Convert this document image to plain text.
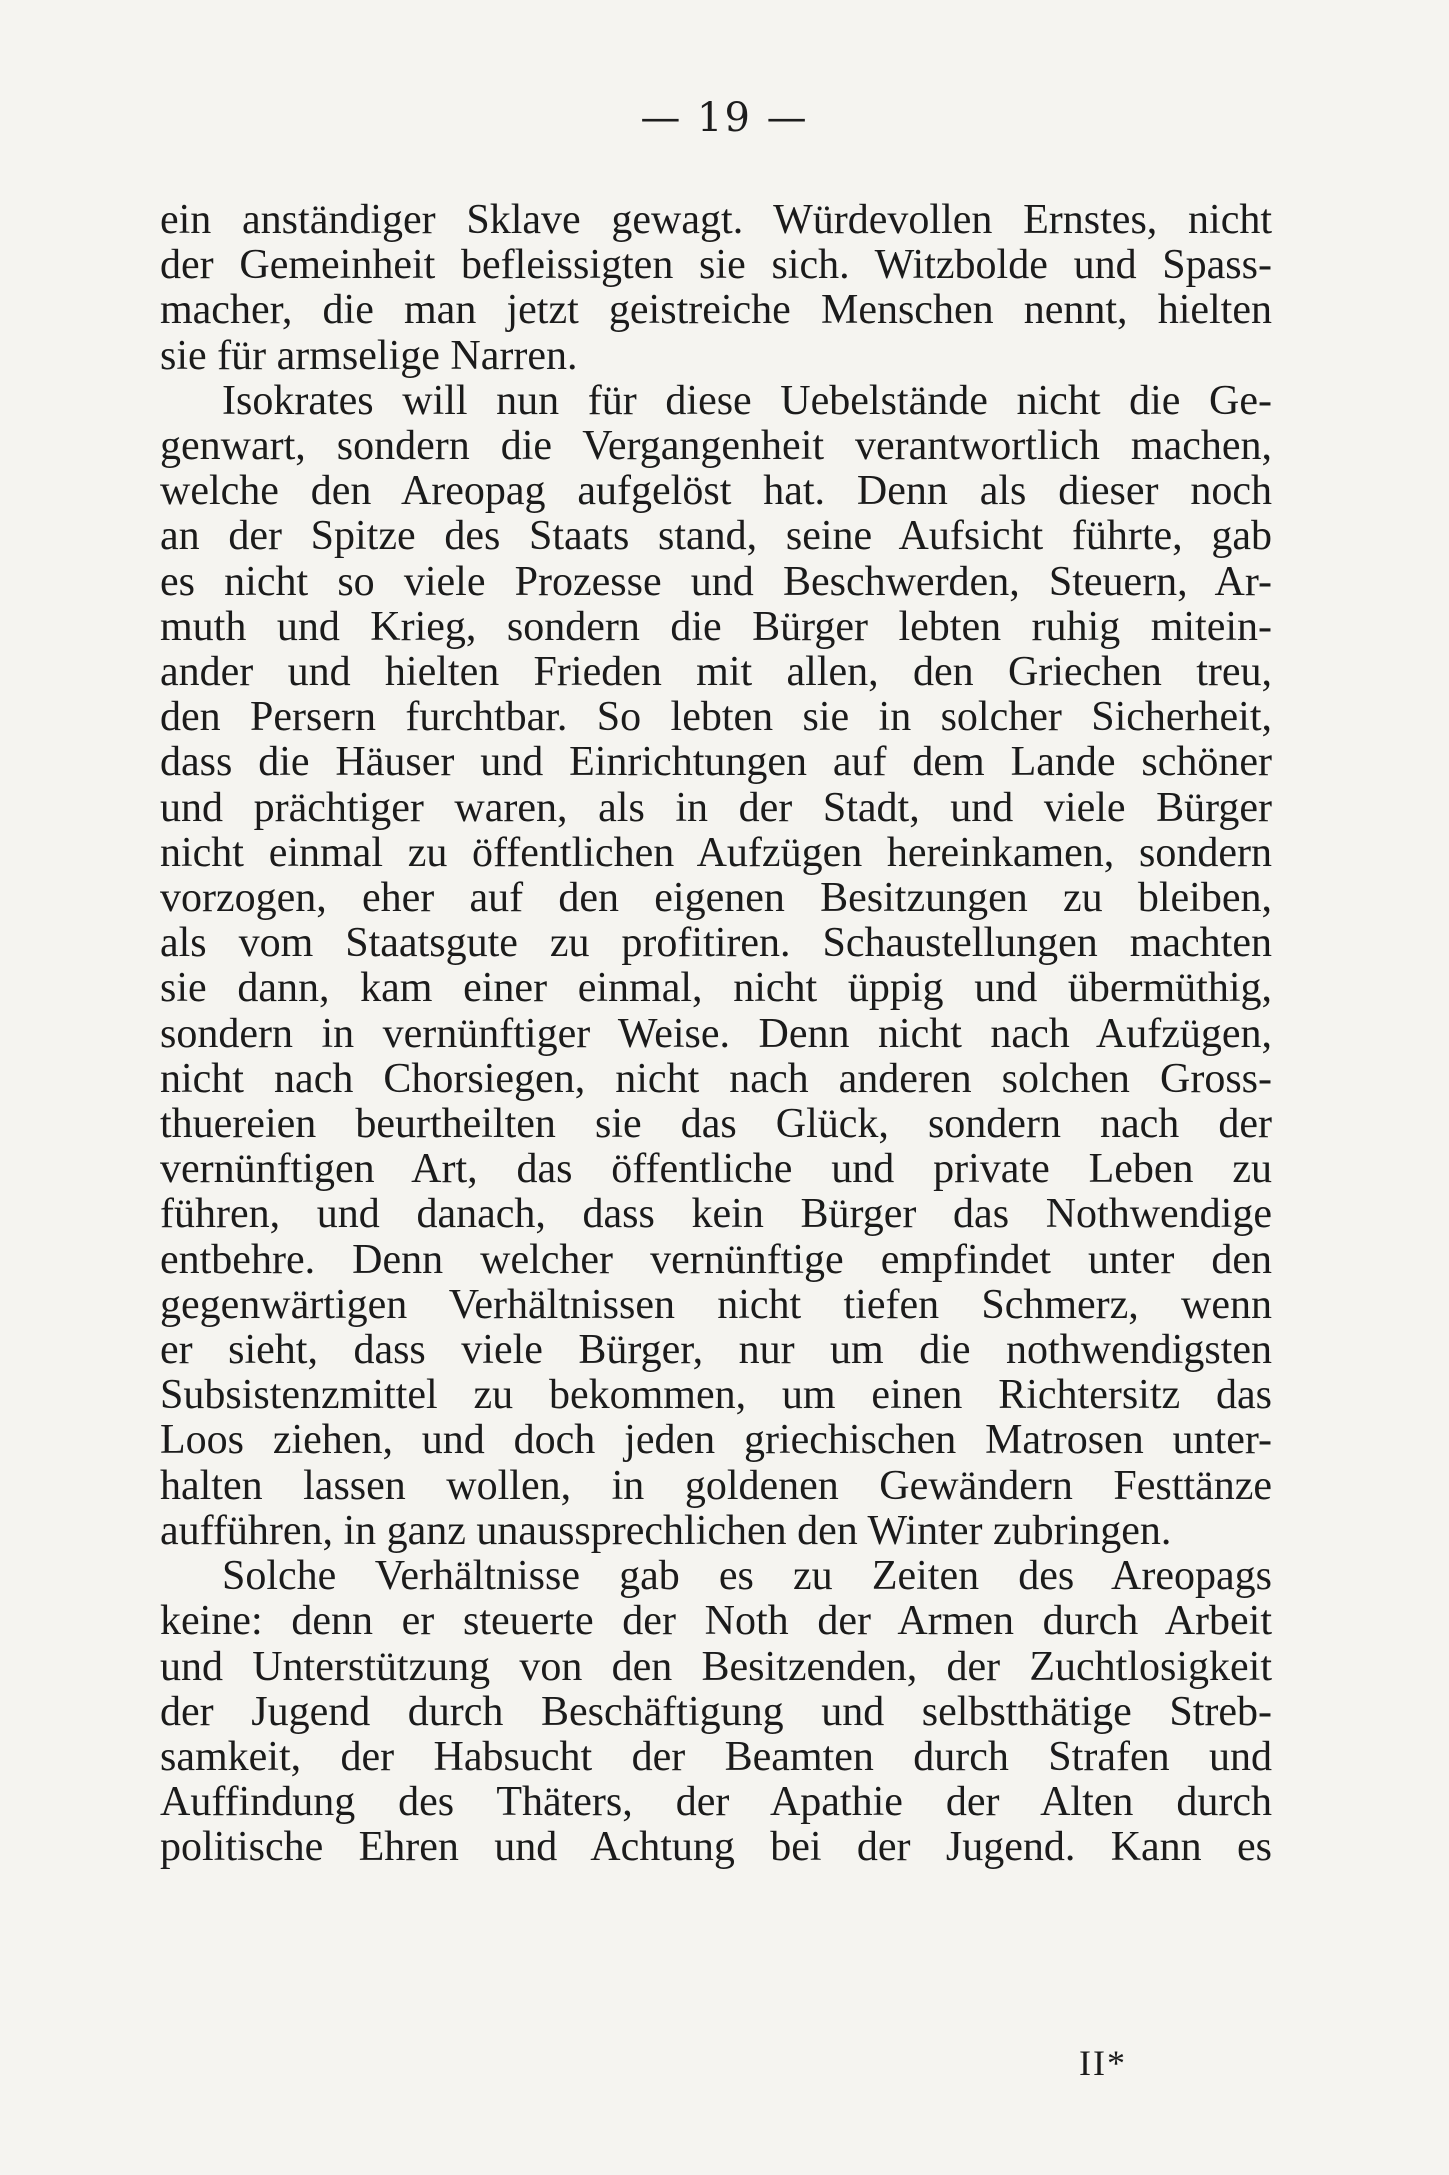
— 19 —

ein anständiger Sklave gewagt. Würdevollen Ernstes, nicht

der Gemeinheit befleissigten sie sich. Witzbolde und Spass-

macher, die man jetzt geistreiche Menschen nennt, hielten

sie für armselige Narren.

Isokrates will nun für diese Uebelstände nicht die Ge-

genwart, sondern die Vergangenheit verantwortlich machen,

welche den Areopag aufgelöst hat. Denn als dieser noch

an der Spitze des Staats stand, seine Aufsicht führte, gab

es nicht so viele Prozesse und Beschwerden, Steuern, Ar-

muth und Krieg, sondern die Bürger lebten ruhig mitein-

ander und hielten Frieden mit allen, den Griechen treu,

den Persern furchtbar. So lebten sie in solcher Sicherheit,

dass die Häuser und Einrichtungen auf dem Lande schöner

und prächtiger waren, als in der Stadt, und viele Bürger

nicht einmal zu öffentlichen Aufzügen hereinkamen, sondern

vorzogen, eher auf den eigenen Besitzungen zu bleiben,

als vom Staatsgute zu profitiren. Schaustellungen machten

sie dann, kam einer einmal, nicht üppig und übermüthig,

sondern in vernünftiger Weise. Denn nicht nach Aufzügen,

nicht nach Chorsiegen, nicht nach anderen solchen Gross-

thuereien beurtheilten sie das Glück, sondern nach der

vernünftigen Art, das öffentliche und private Leben zu

führen, und danach, dass kein Bürger das Nothwendige

entbehre. Denn welcher vernünftige empfindet unter den

gegenwärtigen Verhältnissen nicht tiefen Schmerz, wenn

er sieht, dass viele Bürger, nur um die nothwendigsten

Subsistenzmittel zu bekommen, um einen Richtersitz das

Loos ziehen, und doch jeden griechischen Matrosen unter-

halten lassen wollen, in goldenen Gewändern Festtänze

aufführen, in ganz unaussprechlichen den Winter zubringen.

Solche Verhältnisse gab es zu Zeiten des Areopags

keine: denn er steuerte der Noth der Armen durch Arbeit

und Unterstützung von den Besitzenden, der Zuchtlosigkeit

der Jugend durch Beschäftigung und selbstthätige Streb-

samkeit, der Habsucht der Beamten durch Strafen und

Auffindung des Thäters, der Apathie der Alten durch

politische Ehren und Achtung bei der Jugend. Kann es

II*
